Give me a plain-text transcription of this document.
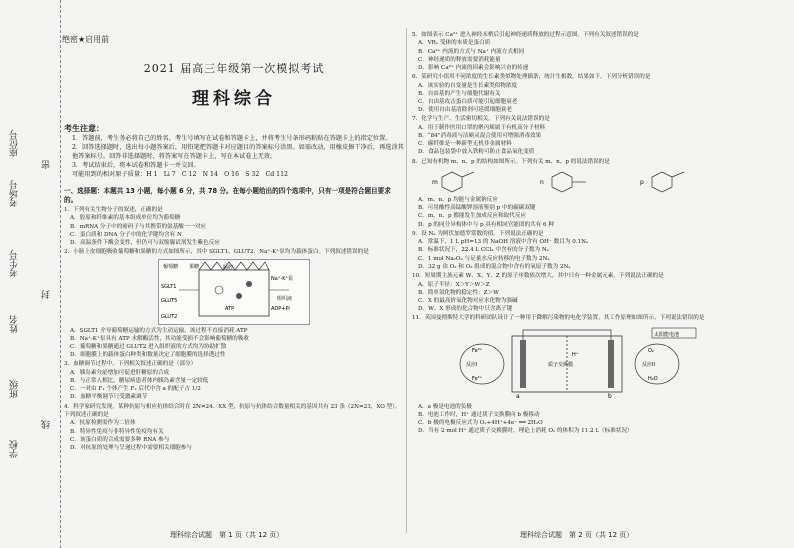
座位号
考场号
考生号
姓名
班级
学校
密
封
线
绝密★启用前
2021 届高三年级第一次模拟考试
理科综合
考生注意：
1．答题前，考生务必将自己的姓名、考生号填写在试卷和答题卡上，并将考生号条形码粘贴在答题卡上的指定位置。
2．回答选择题时，选出每小题答案后，用铅笔把答题卡对应题目的答案标号涂黑。如需改动，用橡皮擦干净后，再选涂其他答案标号。回答非选择题时，将答案写在答题卡上，写在本试卷上无效。
3．考试结束后，将本试卷和答题卡一并交回。
可能用到的相对原子质量：H 1　Li 7　C 12　N 14　O 16　S 32　Cd 112
一、选择题：本题共 13 小题，每小题 6 分，共 78 分。在每小题给出的四个选项中，只有一项是符合题目要求的。
1．下列有关生物分子的叙述，正确的是
A．胶原和纤维素的基本组成单位均为葡萄糖
B．mRNA 分子中的密码子与其携带的氨基酸一一对应
C．蛋白质和 DNA 分子中的化学键均含有 N
D．高温条件下酶会变性，但仍可与双缩脲试剂发生紫色反应
2．小肠上皮细胞吸收葡萄糖和果糖的方式如图所示，其中 SGLT1、GLUT2、Na⁺-K⁺泵均为载体蛋白。下列叙述错误的是
葡萄糖 果糖
SGLT1
GLUT5
GLUT2
Na⁺-K⁺泵
肠腔
组织液
ATP	ADP+Pi
A．SGLT1 介导葡萄糖运输的方式为主动运输，该过程不直接消耗 ATP
B．Na⁺-K⁺泵具有 ATP 水解酶活性，其功能受损不会影响葡萄糖的吸收
C．葡萄糖和果糖通过 GLUT2 进入组织液的方式均为协助扩散
D．细胞膜上的载体蛋白种类和数量决定了细胞膜的选择透过性
3．血糖调节过程中，下列相关叙述正确的是（部分）
A．胰岛素分泌增加可促进肝糖原的合成
B．与正常人相比，糖尿病患者体内胰岛素含量一定较低
C．一对由 F₁ 个体产生 F₂ 后代中含 a 的配子占 1/2
D．血糖平衡调节只受激素调节
4．科学家研究发现，某种抗原与相应抗体结合时在 2N=24、XX 型，抗原与抗体结合数量相关的基因共有 23 条（2N=23，XO 型）。下列叙述正确的是
A．抗原检测需作为二倍体
B．特异性免疫与非特异性免疫均有关
C．该蛋白质的合成需要多种 RNA 参与
D．对抗原的处理与呈递过程中需要相关细胞参与
理科综合试题　第 1 页（共 12 页）
5．如图表示 Ca²⁺ 进入神经末梢后引起神经递质释放的过程示意图。下列有关叙述错误的是
A．VR₁ 受体的本质是蛋白质
B．Ca²⁺ 内流的方式与 Na⁺ 内流方式相同
C．神经递质的释放需要消耗能量
D．影响 Ca²⁺ 内流的因素会影响兴奋的传递
6．某研究小组用不同浓度的生长素类似物处理插条，统计生根数，结果如下。下列分析错误的是
A．该实验的自变量是生长素类似物浓度
B．自由基的产生与细胞代谢有关
C．自由基攻击蛋白质可能引起细胞衰老
D．使用自由基清除剂可延缓细胞衰老
7．化学与生产、生活密切相关。下列有关说法错误的是
A．用于制作医用口罩的聚丙烯属于有机高分子材料
B．“84”消毒液与洁厕灵混合使用可增强消毒效果
C．碳纤维是一种新型无机非金属材料
D．食品包装袋中放入铁粉可防止食品氧化变质
8．已知有机物 m、n、p 的结构如图所示。下列有关 m、n、p 的说法错误的是
m	n	p
A．m、n、p 均能与金属钠反应
B．可用酸性高锰酸钾溶液鉴别 p 中的碳碳双键
C．m、n、p 都能发生加成反应和取代反应
D．p 的同分异构体中与 p 具有相同官能团的共有 6 种
9．设 Nₐ 为阿伏加德罗常数的值。下列说法正确的是
A．常温下，1 L pH=13 的 NaOH 溶液中含有 OH⁻ 数目为 0.1Nₐ
B．标准状况下，22.4 L CCl₄ 中含有的分子数为 Nₐ
C．1 mol Na₂O₂ 与足量水反应转移的电子数为 2Nₐ
D．32 g 由 O₂ 和 O₃ 组成的混合物中含有的氧原子数为 2Nₐ
10．短周期主族元素 W、X、Y、Z 的原子序数依次增大，其中只有一种金属元素。下列说法正确的是
A．原子半径：X＞Y＞W＞Z
B．简单氢化物的稳定性：Z＞W
C．X 的最高价氧化物对应水化物为强碱
D．W、X 形成的化合物中只含离子键
11．英国曼彻斯特大学的科研团队设计了一种用于降解污染物的电化学装置，其工作原理如图所示。下列说法错误的是
a	b
质子交换膜
H⁺
Fe³⁺
Fe²⁺
O₂
H₂O
反应I	反应II
太阳能电池
A．a 极是电池的负极
B．电池工作时，H⁺ 通过质子交换膜向 b 极移动
C．b 极的电极反应式为 O₂+4H⁺+4e⁻ ══ 2H₂O
D．当有 2 mol H⁺ 通过质子交换膜时，理论上消耗 O₂ 的体积为 11.2 L（标准状况）
理科综合试题　第 2 页（共 12 页）
